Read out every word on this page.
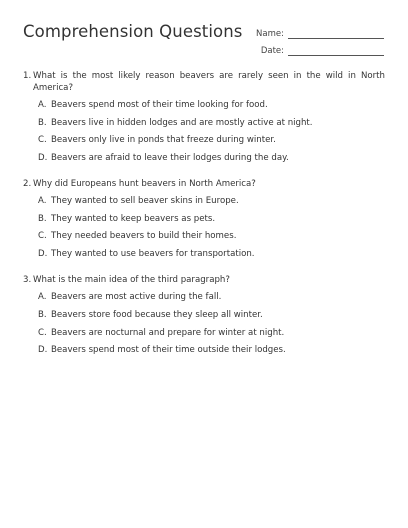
Comprehension Questions Name:
Date:
1. What is the most likely reason beavers are rarely seen in the wild in North America?
A. Beavers spend most of their time looking for food.
B. Beavers live in hidden lodges and are mostly active at night.
C. Beavers only live in ponds that freeze during winter.
D. Beavers are afraid to leave their lodges during the day.
2. Why did Europeans hunt beavers in North America?
A. They wanted to sell beaver skins in Europe.
B. They wanted to keep beavers as pets.
C. They needed beavers to build their homes.
D. They wanted to use beavers for transportation.
3. What is the main idea of the third paragraph?
A. Beavers are most active during the fall.
B. Beavers store food because they sleep all winter.
C. Beavers are nocturnal and prepare for winter at night.
D. Beavers spend most of their time outside their lodges.
